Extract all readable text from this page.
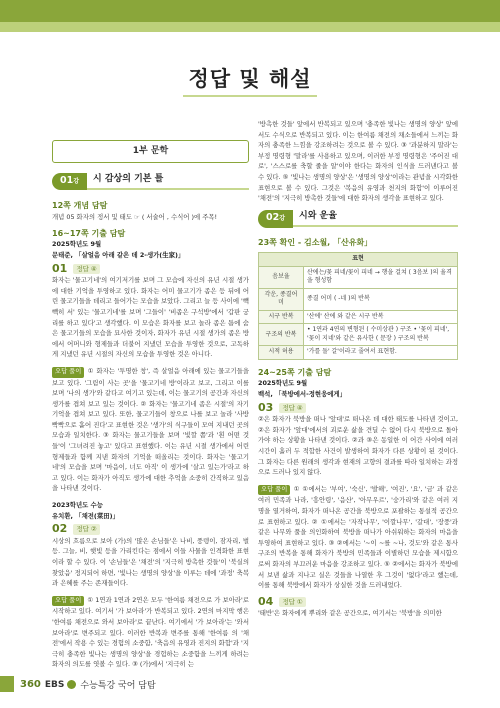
정답 및 해설
1부 문학
01강	시 감상의 기본 틀
12쪽 개념 담탐
개념 05 화자의 정서 및 태도 ☞ ( 서술어 , 수식어 )에 주목!
16~17쪽 기출 담탐
2025학년도 9월
문태준, 「살얼음 아래 같은 데 2-생가(生家)」
01	정답 ④
화자는 '물고기네'의 여기저기를 보며 그 모습에 자신의 유년 시절 생가에 대한 기억을 투영하고 있다. 화자는 어미 물고기가 좀은 등 뒤에 어린 물고기들을 데리고 들어가는 모습을 보았다. 그리고 늘 등 사이에 '빽빽히 서' 있는 '물고기네'를 보며 '그들이' '비좁은 구석방'에서 '갑판 궁리를 하고 있다'고 생각했다. 이 모습은 화자를 보고 놀라 좀은 틈에 숨은 물고기들의 모습을 묘사한 것이자, 화자가 유년 시절 생가의 좀은 방에서 어머니와 형제들과 더불어 지냈던 모습을 투영한 것으로, 고독하게 지냈던 유년 시절의 자신의 모습을 투영한 것은 아니다.
오답 풀이 ① 화자는 '투명한 창', 즉 살얼음 아래에 있는 물고기들을 보고 있다. '그림이 사는 곳'을 '물고기네 방'이라고 보고, 그리고 이를 보며 '나의 생가'와 같다고 여기고 있는데, 이는 물고기의 공간과 자신의 생가를 겹쳐 보고 있는 것이다. ② 화자는 '물고기네 좀은 시절'의 자기 기억을 겹쳐 보고 있다. 또한, 물고기들이 창으로 나를 보고 놀라 '사방 빡빡으로 흩어 진다'고 표현한 것은 '생가'의 식구들이 모여 지내던 곳의 모습과 일치한다. ③ 화자는 물고기들을 보며 '빛깔 쯤'과 '흰 어떤 것들'이 '그녀려진 놓고' 있다고 표현했다. 이는 유년 시절 생가에서 어린 형제들과 함께 지낸 화자의 기억을 떠올리는 것이다. 화자는 '물고기네'의 모습을 보며 '마음이, 너도 아직' 이 생가에 '살고 있는가'라고 하고 있다. 이는 화자가 아직도 생가에 대한 추억을 소중히 간직하고 있음을 나타낸 것이다.
2023학년도 수능
유치환, 「채전(菜田)」
02	정답 ②
시상의 흐름으로 보아 (가)의 '많은 손님들'은 나비, 풍뎅이, 잠자리, 벌 등. 그늘, 비, 햇빛 등을 가리킨다는 점에서 이들 사물을 인격화한 표현이라 할 수 있다. 이 '손님들'은 '채전'의 '지극히 방촉한 것들'이 '북실의 찾았음' 정지되어 하면, '빛나는 생명의 양상'을 이루는 데에 '과정' 축복과 은혜를 주는 존재들이다.
오답 풀이 ① 1연과 1연과 2연은 모두 '한여름 채전으로 가 보아라'로 시작하고 있다. 여기서 '가 보아라'가 반복되고 있다. 2연의 마지막 행은 '한여름 채전으로 와서 보아라'로 끝난다. 여기에서 '가 보아라'는 '와서 보아라'로 변주되고 있다. 이러한 반복과 변주를 통해 '한여름 의 '채전'에서 작용 수 있는 경험의 소중함, '축음의 유영과 진지의 화합'과 '지극히 충족한 빛나는 생명의 양상'을 경험하는 소중함을 느끼게 하려는 화자의 의도를 엿볼 수 있다. ③ (가)에서 '지극히 는
'방촉한 것들' 앞에서 반복되고 있으며 '충족한 빛나는 생명의 양상' 앞에서도 수식으로 반복되고 있다. 이는 한여름 채전의 채소들에서 느끼는 화자의 충족한 느낌을 강조하려는 것으로 볼 수 있다. ③ '과분하지 말라'는 부정 명령형 '말라'를 사용하고 있으며, 이러한 부정 명령형은 '주어진 대로', '스스로를 축할 줄을 알'이야 한다는 화자의 인식을 드러낸다고 볼 수 있다. ⑤ '빛나는 생명의 양상'은 '생명의 양상'이라는 관념을 시각화한 표현으로 볼 수 있다. 그것은 '복음의 유영과 천지의 화합'이 이루어진 '채전'의 '지극히 방촉한 것들'에 대한 화자의 생각을 표현하고 있다.
02강	시와 운율
23쪽 확인 - 김소월, 「산유화」
표현	
음보율	산에는/꽃 피네/꽃이 피네 → 행을 걸쳐 ( 3음보 )의 율격을 형성함
각운, 종결어미	종결 어미 ( -네 )의 반복
시구 반복	'산에' 산에 와 같은 시구 반복
구조의 반복	• 1연과 4연의 변형된 ( 수미상관 ) 구조 • '꽃이 피네', '꽃이 지네'와 같은 유사한 ( 문장 ) 구조의 반복
시적 허용	'가를 돌' 갈'이라고 줄여서 표현함.
24~25쪽 기출 담탐
2025학년도 9월
백석, 「북방에서-정현웅에게」
03	정답 ④
②은 화자가 북방을 떠나 '앞대'로 떠나온 데 대한 태도를 나타낸 것이고, ②은 화자가 '앞대'에서의 괴로운 삶을 견딜 수 없어 다시 북방으로 돌아가야 하는 상황을 나타낸 것이다. ②과 ③은 동일한 이 어간 사이에 여러 시간이 흘러 두 적합한 사건이 발생하여 화자가 다른 상황이 된 것이다. 그 화자는 다른 원래의 생각과 현재의 고향의 결과를 따라 일치하는 과정으로 드러나 있지 않다.
오답 풀이 ① ①에서는 '부여', '숙신', '발해', '여진', '요', '금' 과 같은 여러 민족과 나라, '흥안령', '음산', '아무우르', '숭가리'와 같은 여러 지명을 열거하여, 화자가 떠나온 공간을 북방으로 포괄하는 통설적 공간으로 표현하고 있다. ② ①에서는 '자작나무', '이깔나무', '갈대', '장풍'과 같은 나무와 풀을 의인화하여 북방을 떠나가 아쉬워하는 화자의 마음을 투영하여 표현하고 있다. ③ ②에서는 '~이 ~를 ~나, 것도'와 같은 통사 구조의 반복을 통해 화자가 북방의 민족들과 이별하던 모습을 제시함으로써 화자의 부끄러운 마음을 강조하고 있다. ⑤ ②에서는 화자가 북방에서 보낸 삶과 지나고 실은 것들을 나열한 후 그것이 '없다'라고 했는데, 이를 통해 북방에서 화자가 상실한 것을 드러내었다.
04	정답 ①
'태반'은 화자에게 뿌리와 같은 공간으로, 여기서는 '북방'을 의미한
360 EBS 수능특강 국어 담탐
